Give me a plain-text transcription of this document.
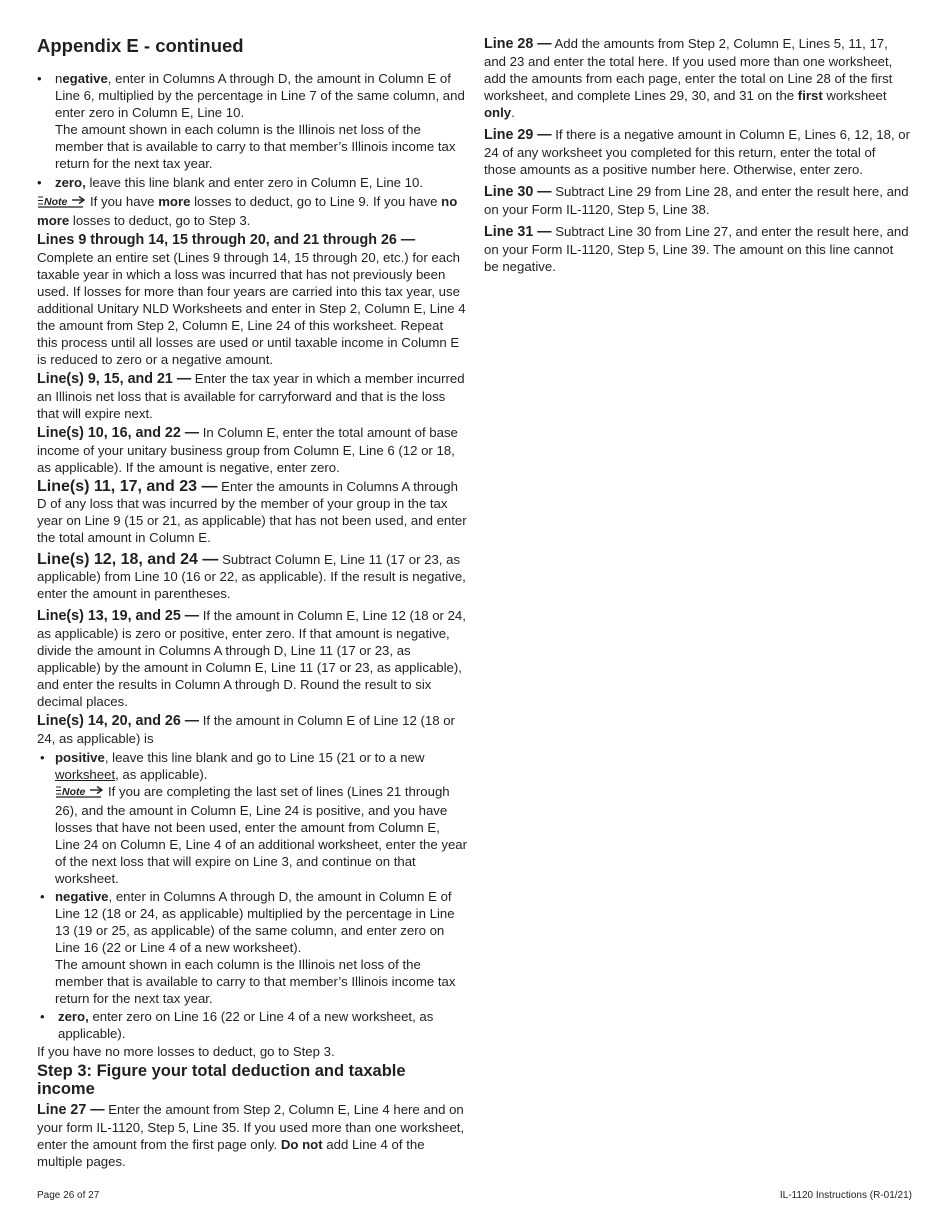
Appendix E - continued
• negative, enter in Columns A through D, the amount in Column E of Line 6, multiplied by the percentage in Line 7 of the same column, and enter zero in Column E, Line 10.
The amount shown in each column is the Illinois net loss of the member that is available to carry to that member’s Illinois income tax return for the next tax year.
• zero, leave this line blank and enter zero in Column E, Line 10.

Note If you have more losses to deduct, go to Line 9. If you have no more losses to deduct, go to Step 3.

Lines 9 through 14, 15 through 20, and 21 through 26 —
Complete an entire set (Lines 9 through 14, 15 through 20, etc.) for each taxable year in which a loss was incurred that has not previously been used. If losses for more than four years are carried into this tax year, use additional Unitary NLD Worksheets and enter in Step 2, Column E, Line 4 the amount from Step 2, Column E, Line 24 of this worksheet. Repeat this process until all losses are used or until taxable income in Column E is reduced to zero or a negative amount.

Line(s) 9, 15, and 21 — Enter the tax year in which a member incurred an Illinois net loss that is available for carryforward and that is the loss that will expire next.

Line(s) 10, 16, and 22 — In Column E, enter the total amount of base income of your unitary business group from Column E, Line 6 (12 or 18, as applicable). If the amount is negative, enter zero.

Line(s) 11, 17, and 23 — Enter the amounts in Columns A through D of any loss that was incurred by the member of your group in the tax year on Line 9 (15 or 21, as applicable) that has not been used, and enter the total amount in Column E.

Line(s) 12, 18, and 24 — Subtract Column E, Line 11 (17 or 23, as applicable) from Line 10 (16 or 22, as applicable). If the result is negative, enter the amount in parentheses.

Line(s) 13, 19, and 25 — If the amount in Column E, Line 12 (18 or 24, as applicable) is zero or positive, enter zero. If that amount is negative, divide the amount in Columns A through D, Line 11 (17 or 23, as applicable) by the amount in Column E, Line 11 (17 or 23, as applicable), and enter the results in Column A through D. Round the result to six decimal places.

Line(s) 14, 20, and 26 — If the amount in Column E of Line 12 (18 or 24, as applicable) is

• positive, leave this line blank and go to Line 15 (21 or to a new worksheet, as applicable).

Note If you are completing the last set of lines (Lines 21 through 26), and the amount in Column E, Line 24 is positive, and you have losses that have not been used, enter the amount from Column E, Line 24 on Column E, Line 4 of an additional worksheet, enter the year of the next loss that will expire on Line 3, and continue on that worksheet.
• negative, enter in Columns A through D, the amount in Column E of Line 12 (18 or 24, as applicable) multiplied by the percentage in Line 13 (19 or 25, as applicable) of the same column, and enter zero on Line 16 (22 or Line 4 of a new worksheet).
The amount shown in each column is the Illinois net loss of the member that is available to carry to that member’s Illinois income tax return for the next tax year.
• zero, enter zero on Line 16 (22 or Line 4 of a new worksheet, as applicable).

If you have no more losses to deduct, go to Step 3.

Step 3: Figure your total deduction and taxable income

Line 27 — Enter the amount from Step 2, Column E, Line 4 here and on your form IL-1120, Step 5, Line 35. If you used more than one worksheet, enter the amount from the first page only. Do not add Line 4 of the multiple pages.

Line 28 — Add the amounts from Step 2, Column E, Lines 5, 11, 17, and 23 and enter the total here. If you used more than one worksheet, add the amounts from each page, enter the total on Line 28 of the first worksheet, and complete Lines 29, 30, and 31 on the first worksheet only.

Line 29 — If there is a negative amount in Column E, Lines 6, 12, 18, or 24 of any worksheet you completed for this return, enter the total of those amounts as a positive number here. Otherwise, enter zero.

Line 30 — Subtract Line 29 from Line 28, and enter the result here, and on your Form IL-1120, Step 5, Line 38.

Line 31 — Subtract Line 30 from Line 27, and enter the result here, and on your Form IL-1120, Step 5, Line 39. The amount on this line cannot be negative.

Page 26 of 27	IL-1120 Instructions (R-01/21)
